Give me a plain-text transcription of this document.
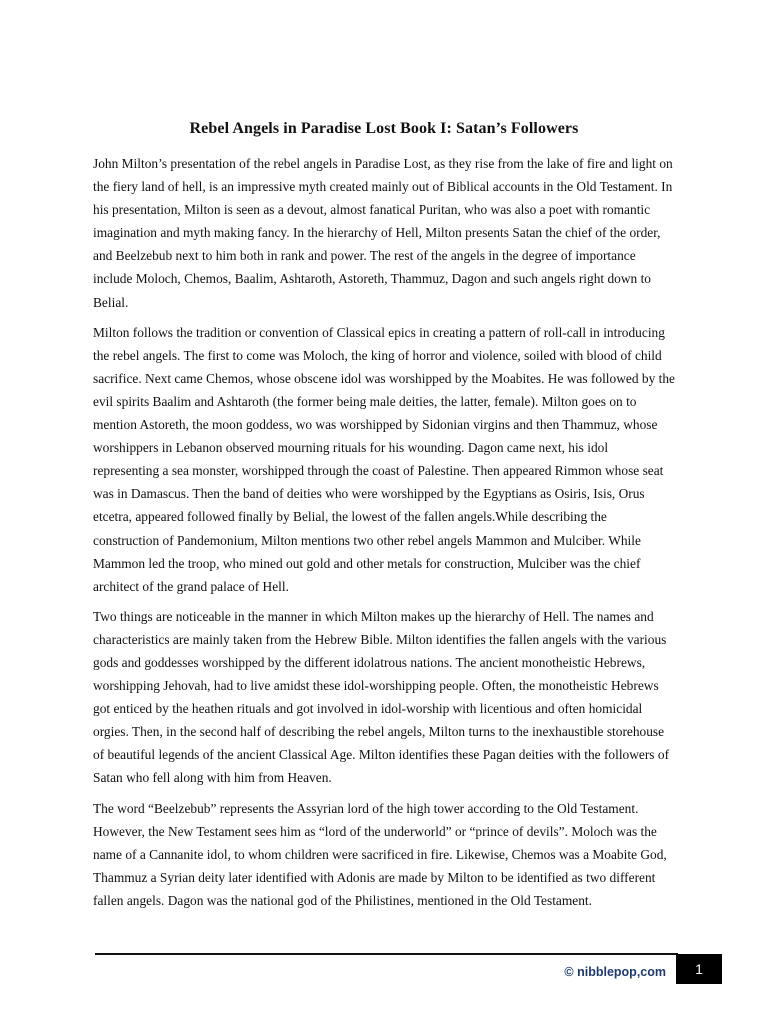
Rebel Angels in Paradise Lost Book I: Satan’s Followers

John Milton’s presentation of the rebel angels in Paradise Lost, as they rise from the lake of fire and light on the fiery land of hell, is an impressive myth created mainly out of Biblical accounts in the Old Testament. In his presentation, Milton is seen as a devout, almost fanatical Puritan, who was also a poet with romantic imagination and myth making fancy. In the hierarchy of Hell, Milton presents Satan the chief of the order, and Beelzebub next to him both in rank and power. The rest of the angels in the degree of importance include Moloch, Chemos, Baalim, Ashtaroth, Astoreth, Thammuz, Dagon and such angels right down to Belial.

Milton follows the tradition or convention of Classical epics in creating a pattern of roll-call in introducing the rebel angels. The first to come was Moloch, the king of horror and violence, soiled with blood of child sacrifice. Next came Chemos, whose obscene idol was worshipped by the Moabites. He was followed by the evil spirits Baalim and Ashtaroth (the former being male deities, the latter, female). Milton goes on to mention Astoreth, the moon goddess, wo was worshipped by Sidonian virgins and then Thammuz, whose worshippers in Lebanon observed mourning rituals for his wounding. Dagon came next, his idol representing a sea monster, worshipped through the coast of Palestine. Then appeared Rimmon whose seat was in Damascus. Then the band of deities who were worshipped by the Egyptians as Osiris, Isis, Orus etcetra, appeared followed finally by Belial, the lowest of the fallen angels.While describing the construction of Pandemonium, Milton mentions two other rebel angels Mammon and Mulciber. While Mammon led the troop, who mined out gold and other metals for construction, Mulciber was the chief architect of the grand palace of Hell.

Two things are noticeable in the manner in which Milton makes up the hierarchy of Hell. The names and characteristics are mainly taken from the Hebrew Bible. Milton identifies the fallen angels with the various gods and goddesses worshipped by the different idolatrous nations. The ancient monotheistic Hebrews, worshipping Jehovah, had to live amidst these idol-worshipping people. Often, the monotheistic Hebrews got enticed by the heathen rituals and got involved in idol-worship with licentious and often homicidal orgies. Then, in the second half of describing the rebel angels, Milton turns to the inexhaustible storehouse of beautiful legends of the ancient Classical Age. Milton identifies these Pagan deities with the followers of Satan who fell along with him from Heaven.

The word “Beelzebub” represents the Assyrian lord of the high tower according to the Old Testament. However, the New Testament sees him as “lord of the underworld” or “prince of devils”. Moloch was the name of a Cannanite idol, to whom children were sacrificed in fire. Likewise, Chemos was a Moabite God, Thammuz a Syrian deity later identified with Adonis are made by Milton to be identified as two different fallen angels. Dagon was the national god of the Philistines, mentioned in the Old Testament.

© nibblepop,com	1
